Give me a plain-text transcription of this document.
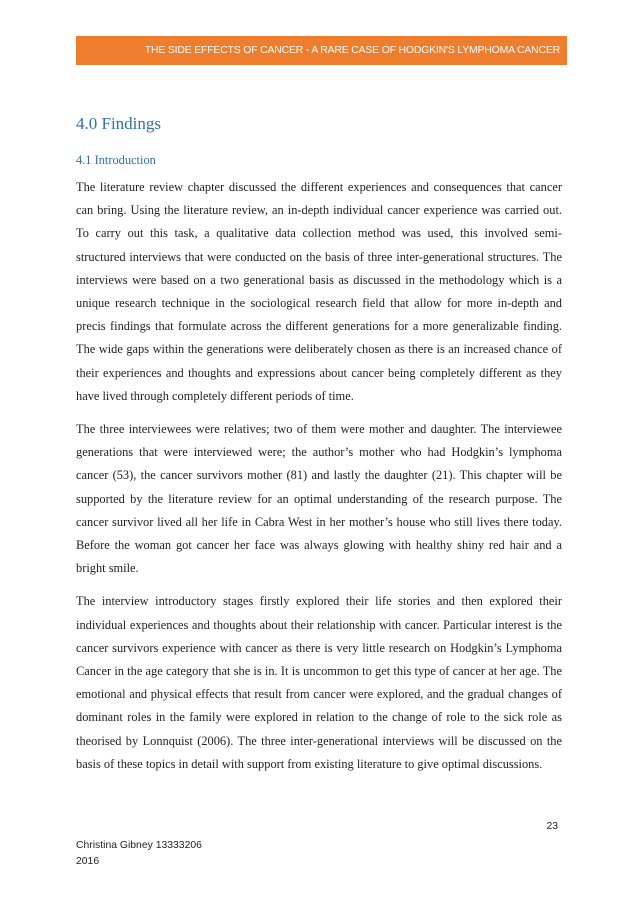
THE SIDE EFFECTS OF CANCER - A RARE CASE OF HODGKIN'S LYMPHOMA CANCER
4.0 Findings
4.1 Introduction

The literature review chapter discussed the different experiences and consequences that cancer can bring. Using the literature review, an in-depth individual cancer experience was carried out. To carry out this task, a qualitative data collection method was used, this involved semi-structured interviews that were conducted on the basis of three inter-generational structures. The interviews were based on a two generational basis as discussed in the methodology which is a unique research technique in the sociological research field that allow for more in-depth and precis findings that formulate across the different generations for a more generalizable finding. The wide gaps within the generations were deliberately chosen as there is an increased chance of their experiences and thoughts and expressions about cancer being completely different as they have lived through completely different periods of time.

The three interviewees were relatives; two of them were mother and daughter. The interviewee generations that were interviewed were; the author’s mother who had Hodgkin’s lymphoma cancer (53), the cancer survivors mother (81) and lastly the daughter (21). This chapter will be supported by the literature review for an optimal understanding of the research purpose. The cancer survivor lived all her life in Cabra West in her mother’s house who still lives there today. Before the woman got cancer her face was always glowing with healthy shiny red hair and a bright smile.

The interview introductory stages firstly explored their life stories and then explored their individual experiences and thoughts about their relationship with cancer. Particular interest is the cancer survivors experience with cancer as there is very little research on Hodgkin’s Lymphoma Cancer in the age category that she is in. It is uncommon to get this type of cancer at her age. The emotional and physical effects that result from cancer were explored, and the gradual changes of dominant roles in the family were explored in relation to the change of role to the sick role as theorised by Lonnquist (2006). The three inter-generational interviews will be discussed on the basis of these topics in detail with support from existing literature to give optimal discussions.

23
Christina Gibney 13333206
2016
